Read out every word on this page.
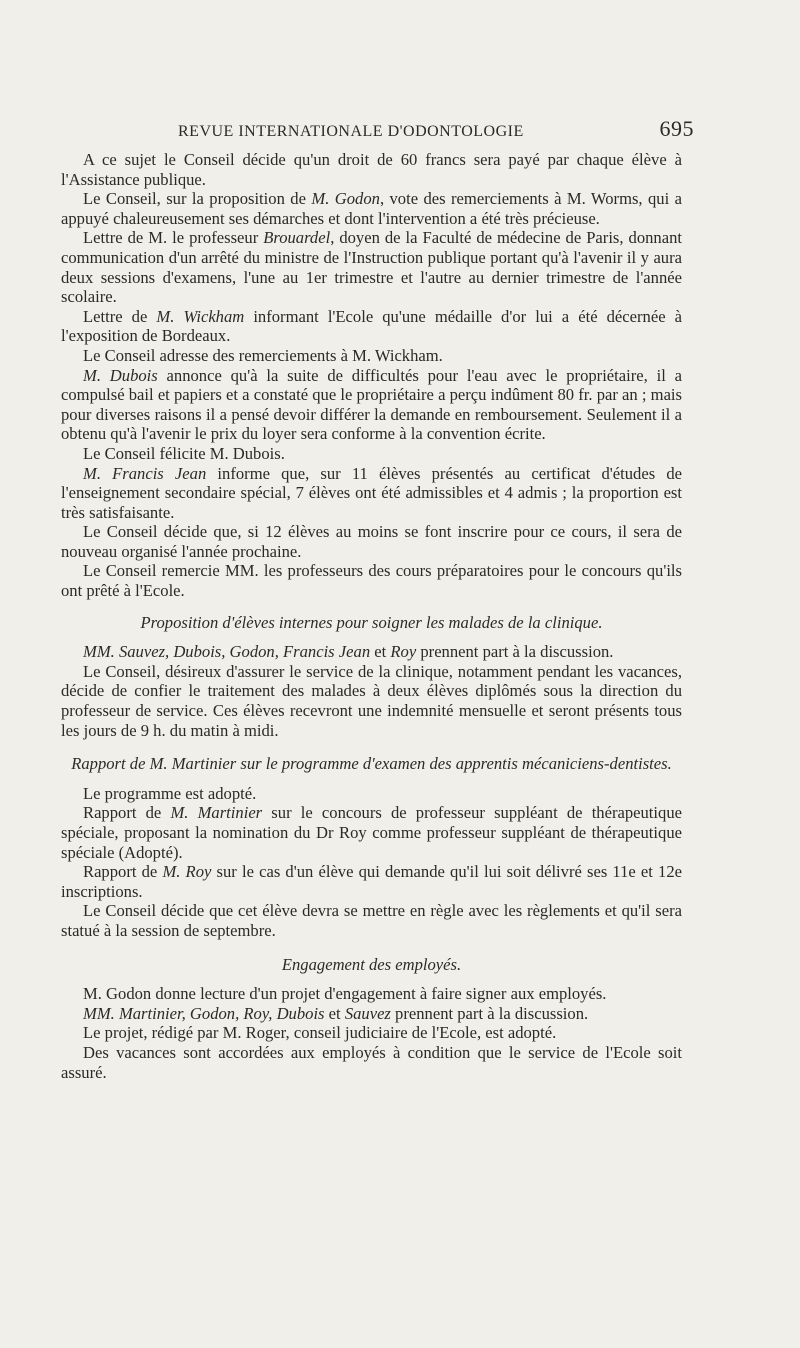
REVUE INTERNATIONALE D'ODONTOLOGIE	695

A ce sujet le Conseil décide qu'un droit de 60 francs sera payé par chaque élève à l'Assistance publique.

Le Conseil, sur la proposition de M. Godon, vote des remerciements à M. Worms, qui a appuyé chaleureusement ses démarches et dont l'intervention a été très précieuse.

Lettre de M. le professeur Brouardel, doyen de la Faculté de médecine de Paris, donnant communication d'un arrêté du ministre de l'Instruction publique portant qu'à l'avenir il y aura deux sessions d'examens, l'une au 1er trimestre et l'autre au dernier trimestre de l'année scolaire.

Lettre de M. Wickham informant l'Ecole qu'une médaille d'or lui a été décernée à l'exposition de Bordeaux.

Le Conseil adresse des remerciements à M. Wickham.

M. Dubois annonce qu'à la suite de difficultés pour l'eau avec le propriétaire, il a compulsé bail et papiers et a constaté que le propriétaire a perçu indûment 80 fr. par an ; mais pour diverses raisons il a pensé devoir différer la demande en remboursement. Seulement il a obtenu qu'à l'avenir le prix du loyer sera conforme à la convention écrite.

Le Conseil félicite M. Dubois.

M. Francis Jean informe que, sur 11 élèves présentés au certificat d'études de l'enseignement secondaire spécial, 7 élèves ont été admissibles et 4 admis ; la proportion est très satisfaisante.

Le Conseil décide que, si 12 élèves au moins se font inscrire pour ce cours, il sera de nouveau organisé l'année prochaine.

Le Conseil remercie MM. les professeurs des cours préparatoires pour le concours qu'ils ont prêté à l'Ecole.

Proposition d'élèves internes pour soigner les malades de la clinique.

MM. Sauvez, Dubois, Godon, Francis Jean et Roy prennent part à la discussion.

Le Conseil, désireux d'assurer le service de la clinique, notamment pendant les vacances, décide de confier le traitement des malades à deux élèves diplômés sous la direction du professeur de service. Ces élèves recevront une indemnité mensuelle et seront présents tous les jours de 9 h. du matin à midi.

Rapport de M. Martinier sur le programme d'examen des apprentis mécaniciens-dentistes.

Le programme est adopté.

Rapport de M. Martinier sur le concours de professeur suppléant de thérapeutique spéciale, proposant la nomination du Dr Roy comme professeur suppléant de thérapeutique spéciale (Adopté).

Rapport de M. Roy sur le cas d'un élève qui demande qu'il lui soit délivré ses 11e et 12e inscriptions.

Le Conseil décide que cet élève devra se mettre en règle avec les règlements et qu'il sera statué à la session de septembre.

Engagement des employés.

M. Godon donne lecture d'un projet d'engagement à faire signer aux employés.

MM. Martinier, Godon, Roy, Dubois et Sauvez prennent part à la discussion.

Le projet, rédigé par M. Roger, conseil judiciaire de l'Ecole, est adopté.

Des vacances sont accordées aux employés à condition que le service de l'Ecole soit assuré.
